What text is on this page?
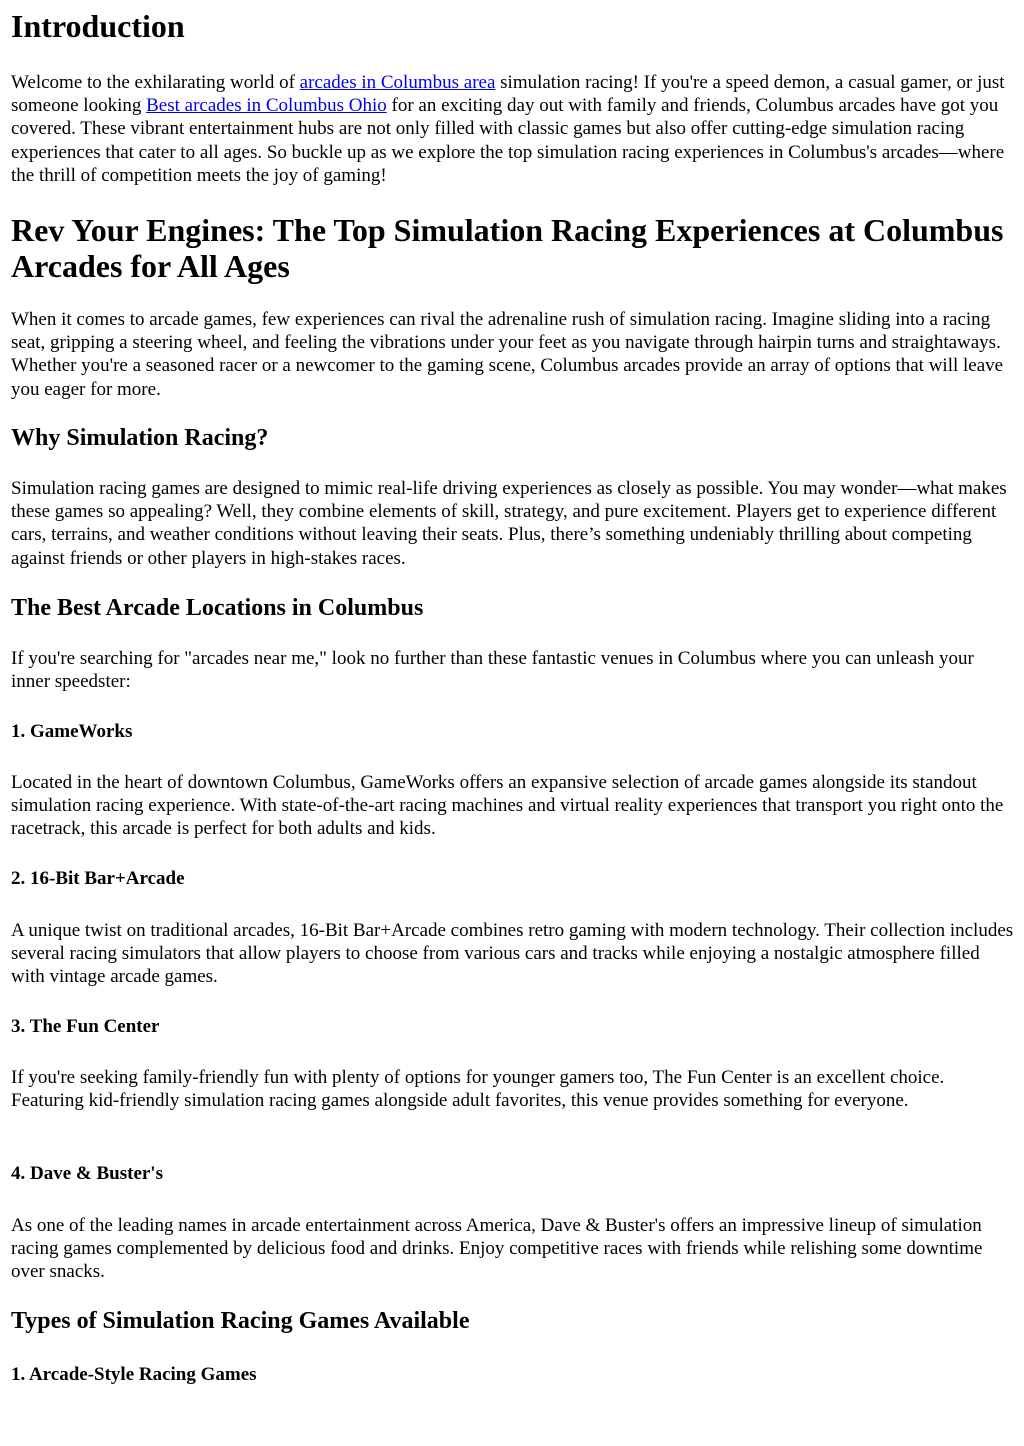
Introduction

Welcome to the exhilarating world of arcades in Columbus area simulation racing! If you're a speed demon, a casual gamer, or just someone looking Best arcades in Columbus Ohio for an exciting day out with family and friends, Columbus arcades have got you covered. These vibrant entertainment hubs are not only filled with classic games but also offer cutting-edge simulation racing experiences that cater to all ages. So buckle up as we explore the top simulation racing experiences in Columbus's arcades—where the thrill of competition meets the joy of gaming!

Rev Your Engines: The Top Simulation Racing Experiences at Columbus Arcades for All Ages

When it comes to arcade games, few experiences can rival the adrenaline rush of simulation racing. Imagine sliding into a racing seat, gripping a steering wheel, and feeling the vibrations under your feet as you navigate through hairpin turns and straightaways. Whether you're a seasoned racer or a newcomer to the gaming scene, Columbus arcades provide an array of options that will leave you eager for more.

Why Simulation Racing?

Simulation racing games are designed to mimic real-life driving experiences as closely as possible. You may wonder—what makes these games so appealing? Well, they combine elements of skill, strategy, and pure excitement. Players get to experience different cars, terrains, and weather conditions without leaving their seats. Plus, there’s something undeniably thrilling about competing against friends or other players in high-stakes races.

The Best Arcade Locations in Columbus

If you're searching for "arcades near me," look no further than these fantastic venues in Columbus where you can unleash your inner speedster:

1. GameWorks

Located in the heart of downtown Columbus, GameWorks offers an expansive selection of arcade games alongside its standout simulation racing experience. With state-of-the-art racing machines and virtual reality experiences that transport you right onto the racetrack, this arcade is perfect for both adults and kids.

2. 16-Bit Bar+Arcade

A unique twist on traditional arcades, 16-Bit Bar+Arcade combines retro gaming with modern technology. Their collection includes several racing simulators that allow players to choose from various cars and tracks while enjoying a nostalgic atmosphere filled with vintage arcade games.

3. The Fun Center

If you're seeking family-friendly fun with plenty of options for younger gamers too, The Fun Center is an excellent choice. Featuring kid-friendly simulation racing games alongside adult favorites, this venue provides something for everyone.

4. Dave & Buster's

As one of the leading names in arcade entertainment across America, Dave & Buster's offers an impressive lineup of simulation racing games complemented by delicious food and drinks. Enjoy competitive races with friends while relishing some downtime over snacks.

Types of Simulation Racing Games Available
1. Arcade-Style Racing Games
